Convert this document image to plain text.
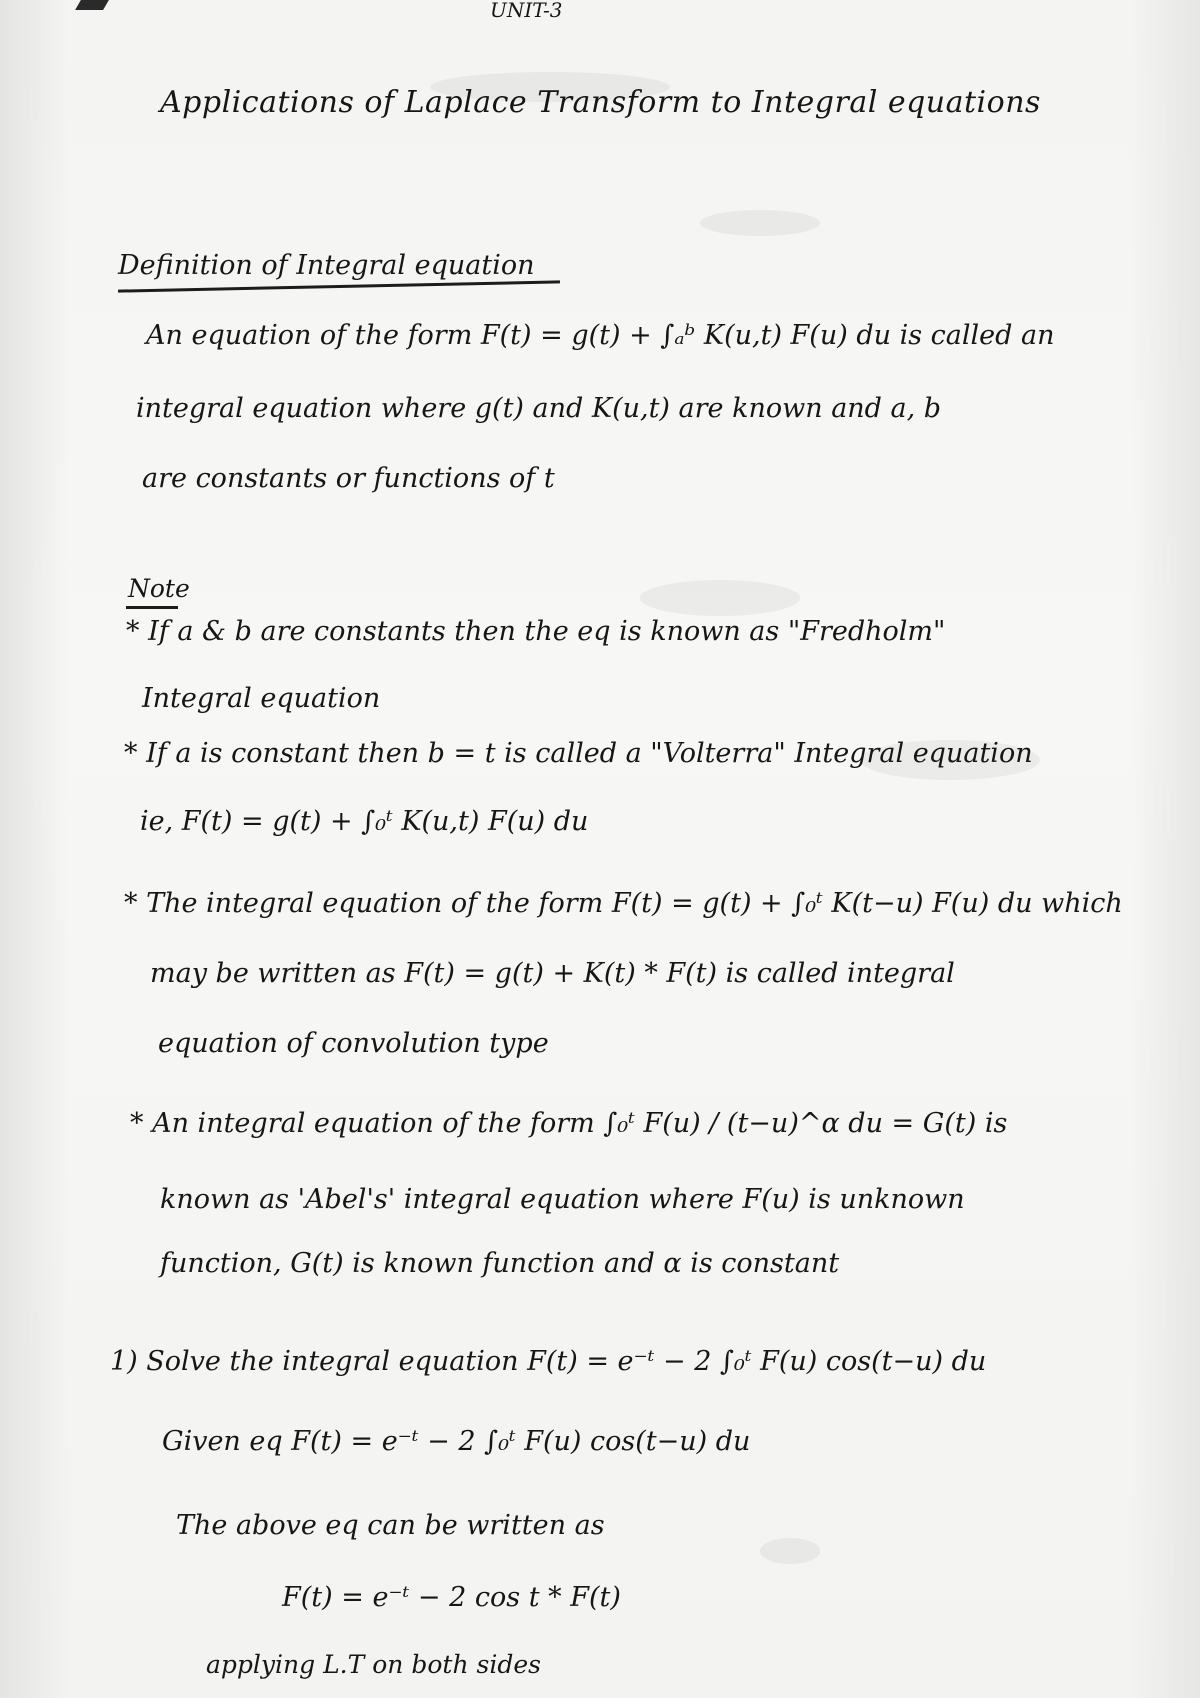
UNIT-3
Applications of Laplace Transform to Integral equations
Definition of Integral equation
An equation of the form F(t) = g(t) + ∫ₐᵇ K(u,t) F(u) du is called an
integral equation where g(t) and K(u,t) are known and a, b
are constants or functions of t
Note
* If a & b are constants then the eq is known as "Fredholm"
Integral equation
* If a is constant then b = t is called a "Volterra" Integral equation
ie, F(t) = g(t) + ∫₀ᵗ K(u,t) F(u) du
* The integral equation of the form F(t) = g(t) + ∫₀ᵗ K(t−u) F(u) du which
may be written as F(t) = g(t) + K(t) * F(t) is called integral
equation of convolution type
* An integral equation of the form ∫₀ᵗ F(u) / (t−u)^α du = G(t) is
known as 'Abel's' integral equation where F(u) is unknown
function, G(t) is known function and α is constant
1) Solve the integral equation F(t) = e⁻ᵗ − 2 ∫₀ᵗ F(u) cos(t−u) du
Given eq F(t) = e⁻ᵗ − 2 ∫₀ᵗ F(u) cos(t−u) du
The above eq can be written as
F(t) = e⁻ᵗ − 2 cos t * F(t)
applying L.T on both sides
